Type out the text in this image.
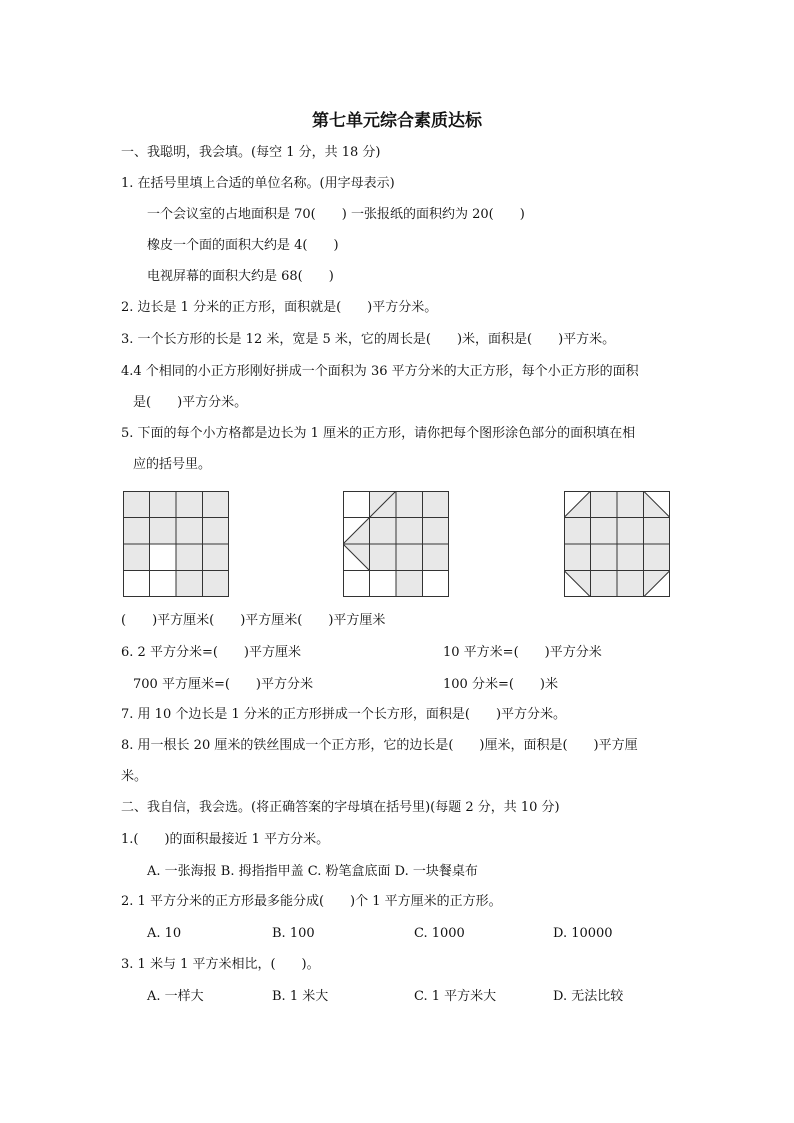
第七单元综合素质达标
一、我聪明，我会填。(每空 1 分，共 18 分)
1. 在括号里填上合适的单位名称。(用字母表示)
一个会议室的占地面积是 70(　　) 一张报纸的面积约为 20(　　)
橡皮一个面的面积大约是 4(　　)
电视屏幕的面积大约是 68(　　)
2. 边长是 1 分米的正方形，面积就是(　　)平方分米。
3. 一个长方形的长是 12 米，宽是 5 米，它的周长是(　　)米，面积是(　　)平方米。
4.4 个相同的小正方形刚好拼成一个面积为 36 平方分米的大正方形，每个小正方形的面积
是(　　)平方分米。
5. 下面的每个小方格都是边长为 1 厘米的正方形，请你把每个图形涂色部分的面积填在相
应的括号里。
(　　)平方厘米(　　)平方厘米(　　)平方厘米
6. 2 平方分米=(　　)平方厘米	10 平方米=(　　)平方分米
700 平方厘米=(　　)平方分米	100 分米=(　　)米
7. 用 10 个边长是 1 分米的正方形拼成一个长方形，面积是(　　)平方分米。
8. 用一根长 20 厘米的铁丝围成一个正方形，它的边长是(　　)厘米，面积是(　　)平方厘
米。
二、我自信，我会选。(将正确答案的字母填在括号里)(每题 2 分，共 10 分)
1.(　　)的面积最接近 1 平方分米。
A. 一张海报 B. 拇指指甲盖 C. 粉笔盒底面 D. 一块餐桌布
2. 1 平方分米的正方形最多能分成(　　)个 1 平方厘米的正方形。
A. 10	B. 100	C. 1000	D. 10000
3. 1 米与 1 平方米相比，(　　)。
A. 一样大	B. 1 米大	C. 1 平方米大	D. 无法比较
